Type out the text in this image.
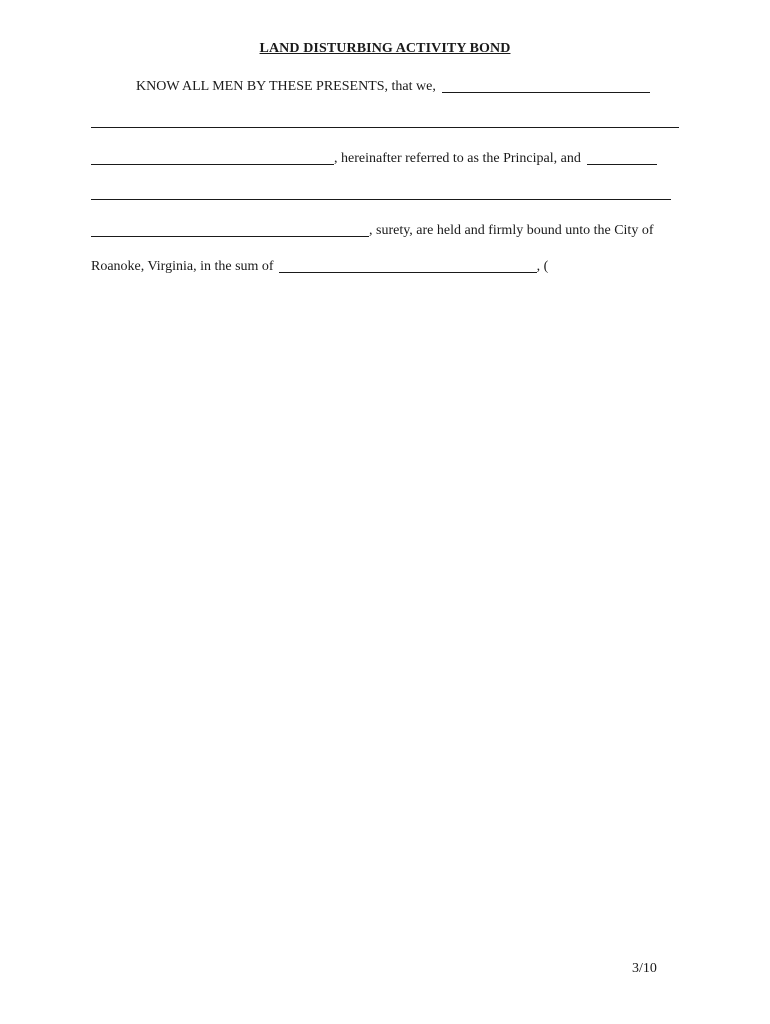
LAND DISTURBING ACTIVITY BOND
KNOW ALL MEN BY THESE PRESENTS, that we,
, hereinafter referred to as the Principal, and
, surety, are held and firmly bound unto the City of
Roanoke, Virginia, in the sum of	, (
3/10
